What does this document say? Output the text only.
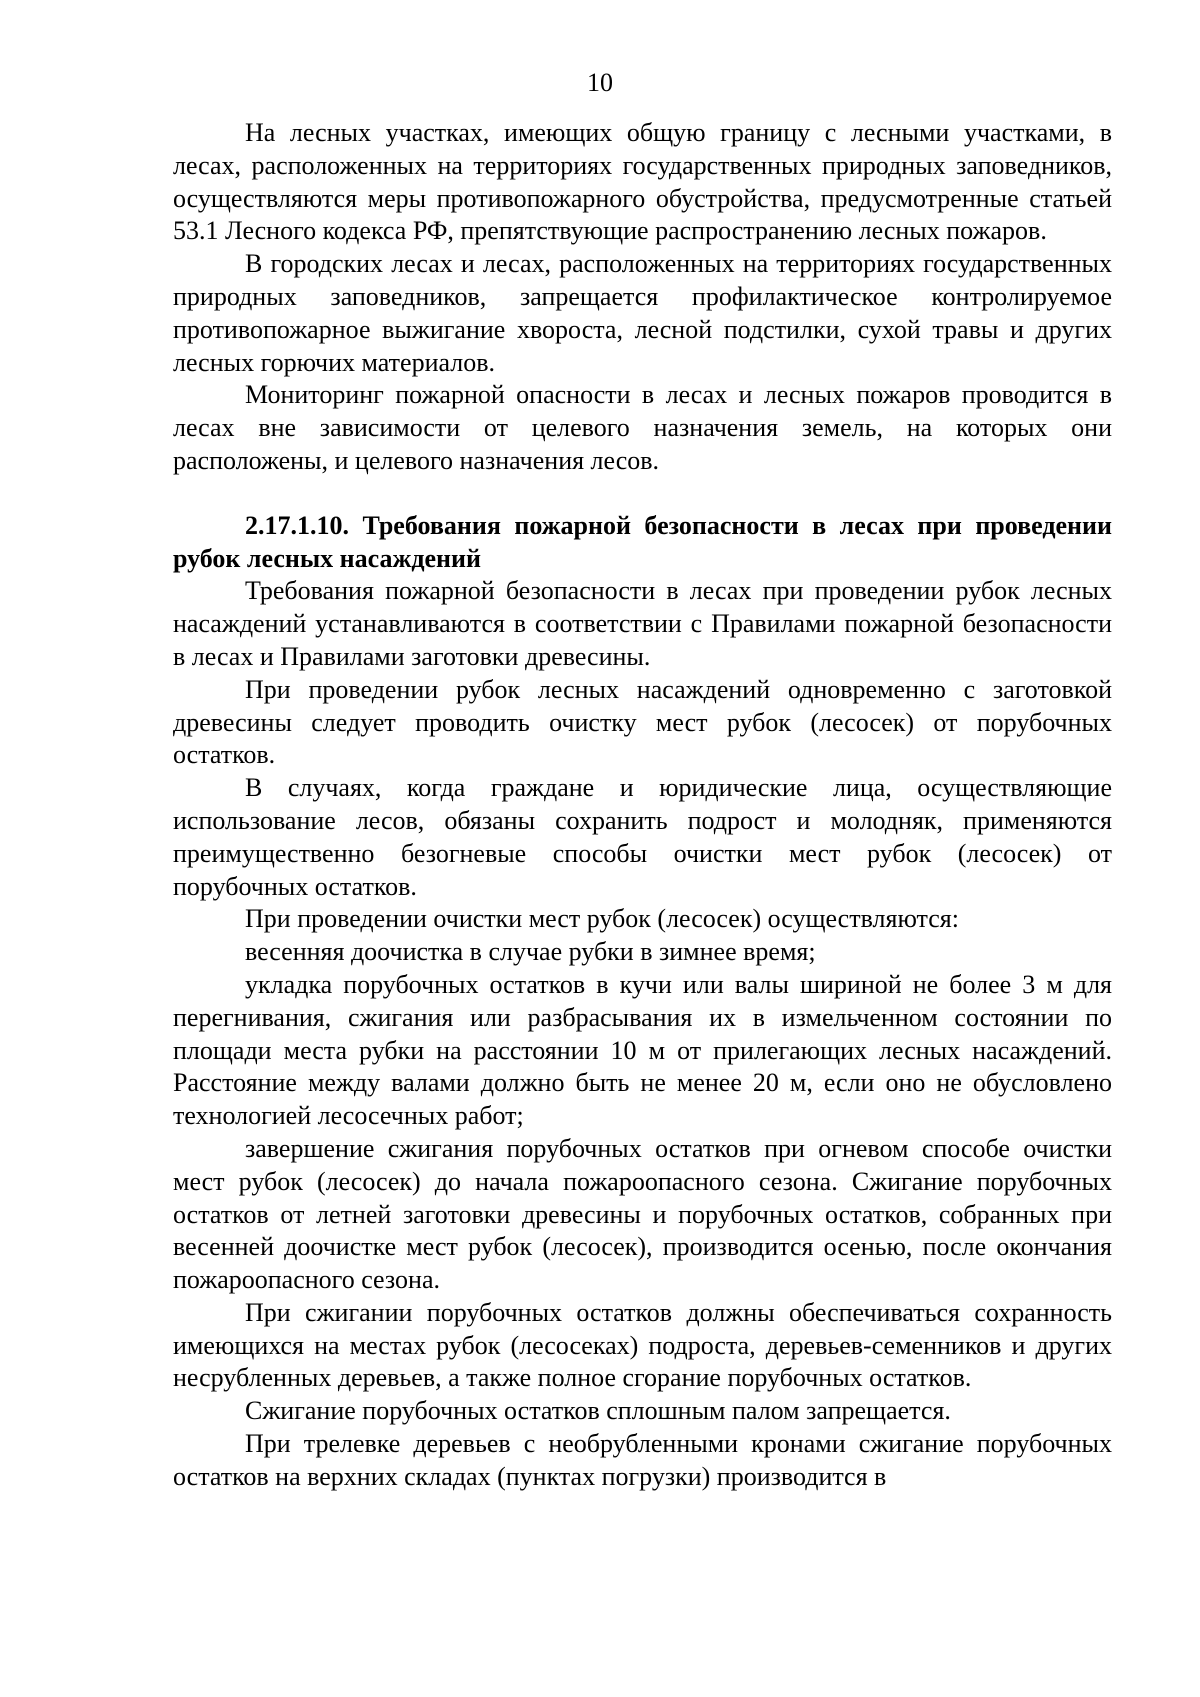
10

На лесных участках, имеющих общую границу с лесными участками, в лесах, расположенных на территориях государственных природных заповедников, осуществляются меры противопожарного обустройства, предусмотренные статьей 53.1 Лесного кодекса РФ, препятствующие распространению лесных пожаров.

В городских лесах и лесах, расположенных на территориях государственных природных заповедников, запрещается профилактическое контролируемое противопожарное выжигание хвороста, лесной подстилки, сухой травы и других лесных горючих материалов.

Мониторинг пожарной опасности в лесах и лесных пожаров проводится в лесах вне зависимости от целевого назначения земель, на которых они расположены, и целевого назначения лесов.

2.17.1.10. Требования пожарной безопасности в лесах при проведении рубок лесных насаждений

Требования пожарной безопасности в лесах при проведении рубок лесных насаждений устанавливаются в соответствии с Правилами пожарной безопасности в лесах и Правилами заготовки древесины.

При проведении рубок лесных насаждений одновременно с заготовкой древесины следует проводить очистку мест рубок (лесосек) от порубочных остатков.

В случаях, когда граждане и юридические лица, осуществляющие использование лесов, обязаны сохранить подрост и молодняк, применяются преимущественно безогневые способы очистки мест рубок (лесосек) от порубочных остатков.

При проведении очистки мест рубок (лесосек) осуществляются:

весенняя доочистка в случае рубки в зимнее время;

укладка порубочных остатков в кучи или валы шириной не более 3 м для перегнивания, сжигания или разбрасывания их в измельченном состоянии по площади места рубки на расстоянии 10 м от прилегающих лесных насаждений. Расстояние между валами должно быть не менее 20 м, если оно не обусловлено технологией лесосечных работ;

завершение сжигания порубочных остатков при огневом способе очистки мест рубок (лесосек) до начала пожароопасного сезона. Сжигание порубочных остатков от летней заготовки древесины и порубочных остатков, собранных при весенней доочистке мест рубок (лесосек), производится осенью, после окончания пожароопасного сезона.

При сжигании порубочных остатков должны обеспечиваться сохранность имеющихся на местах рубок (лесосеках) подроста, деревьев-семенников и других несрубленных деревьев, а также полное сгорание порубочных остатков.

Сжигание порубочных остатков сплошным палом запрещается.

При трелевке деревьев с необрубленными кронами сжигание порубочных остатков на верхних складах (пунктах погрузки) производится в
